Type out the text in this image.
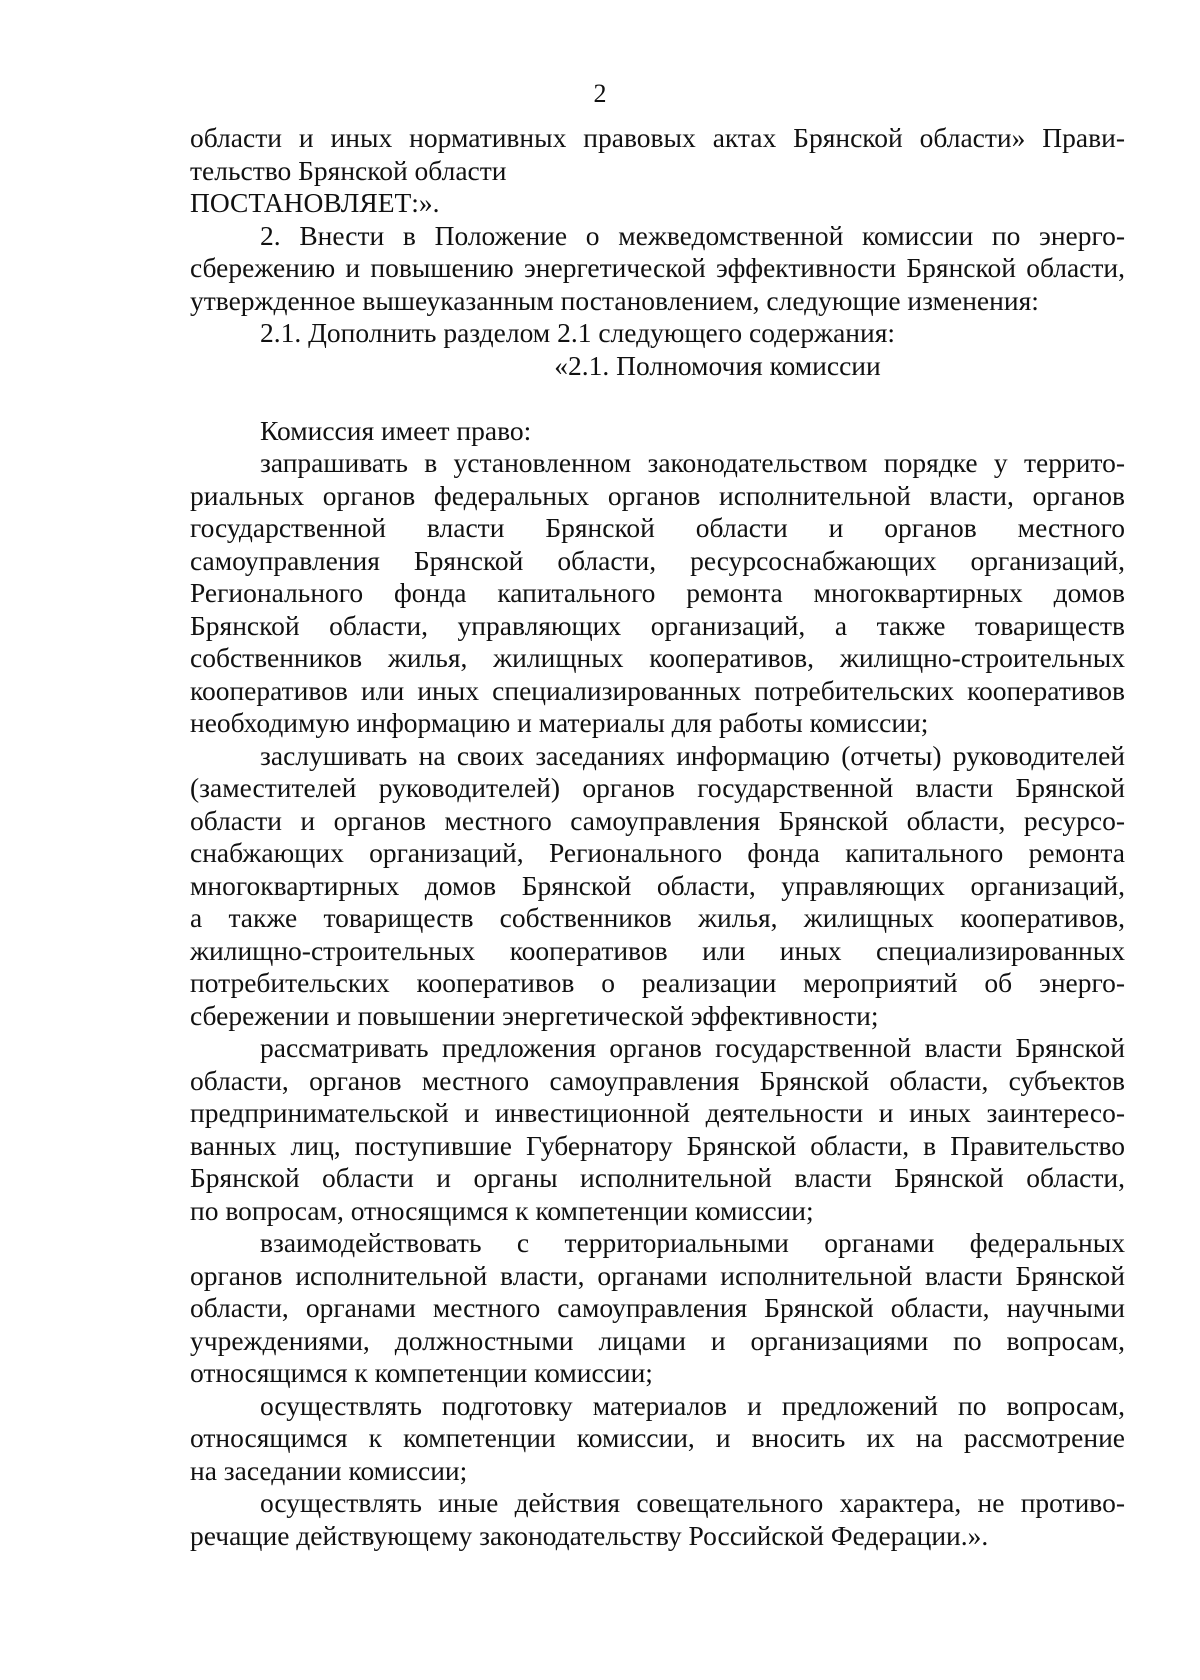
2
области и иных нормативных правовых актах Брянской области» Прави-
тельство Брянской области
ПОСТАНОВЛЯЕТ:».
2. Внести в Положение о межведомственной комиссии по энерго-
сбережению и повышению энергетической эффективности Брянской области,
утвержденное вышеуказанным постановлением, следующие изменения:
2.1. Дополнить разделом 2.1 следующего содержания:
«2.1. Полномочия комиссии
Комиссия имеет право:
запрашивать в установленном законодательством порядке у террито-
риальных органов федеральных органов исполнительной власти, органов
государственной власти Брянской области и органов местного
самоуправления Брянской области, ресурсоснабжающих организаций,
Регионального фонда капитального ремонта многоквартирных домов
Брянской области, управляющих организаций, а также товариществ
собственников жилья, жилищных кооперативов, жилищно-строительных
кооперативов или иных специализированных потребительских кооперативов
необходимую информацию и материалы для работы комиссии;
заслушивать на своих заседаниях информацию (отчеты) руководителей
(заместителей руководителей) органов государственной власти Брянской
области и органов местного самоуправления Брянской области, ресурсо-
снабжающих организаций, Регионального фонда капитального ремонта
многоквартирных домов Брянской области, управляющих организаций,
а также товариществ собственников жилья, жилищных кооперативов,
жилищно-строительных кооперативов или иных специализированных
потребительских кооперативов о реализации мероприятий об энерго-
сбережении и повышении энергетической эффективности;
рассматривать предложения органов государственной власти Брянской
области, органов местного самоуправления Брянской области, субъектов
предпринимательской и инвестиционной деятельности и иных заинтересо-
ванных лиц, поступившие Губернатору Брянской области, в Правительство
Брянской области и органы исполнительной власти Брянской области,
по вопросам, относящимся к компетенции комиссии;
взаимодействовать с территориальными органами федеральных
органов исполнительной власти, органами исполнительной власти Брянской
области, органами местного самоуправления Брянской области, научными
учреждениями, должностными лицами и организациями по вопросам,
относящимся к компетенции комиссии;
осуществлять подготовку материалов и предложений по вопросам,
относящимся к компетенции комиссии, и вносить их на рассмотрение
на заседании комиссии;
осуществлять иные действия совещательного характера, не противо-
речащие действующему законодательству Российской Федерации.».
